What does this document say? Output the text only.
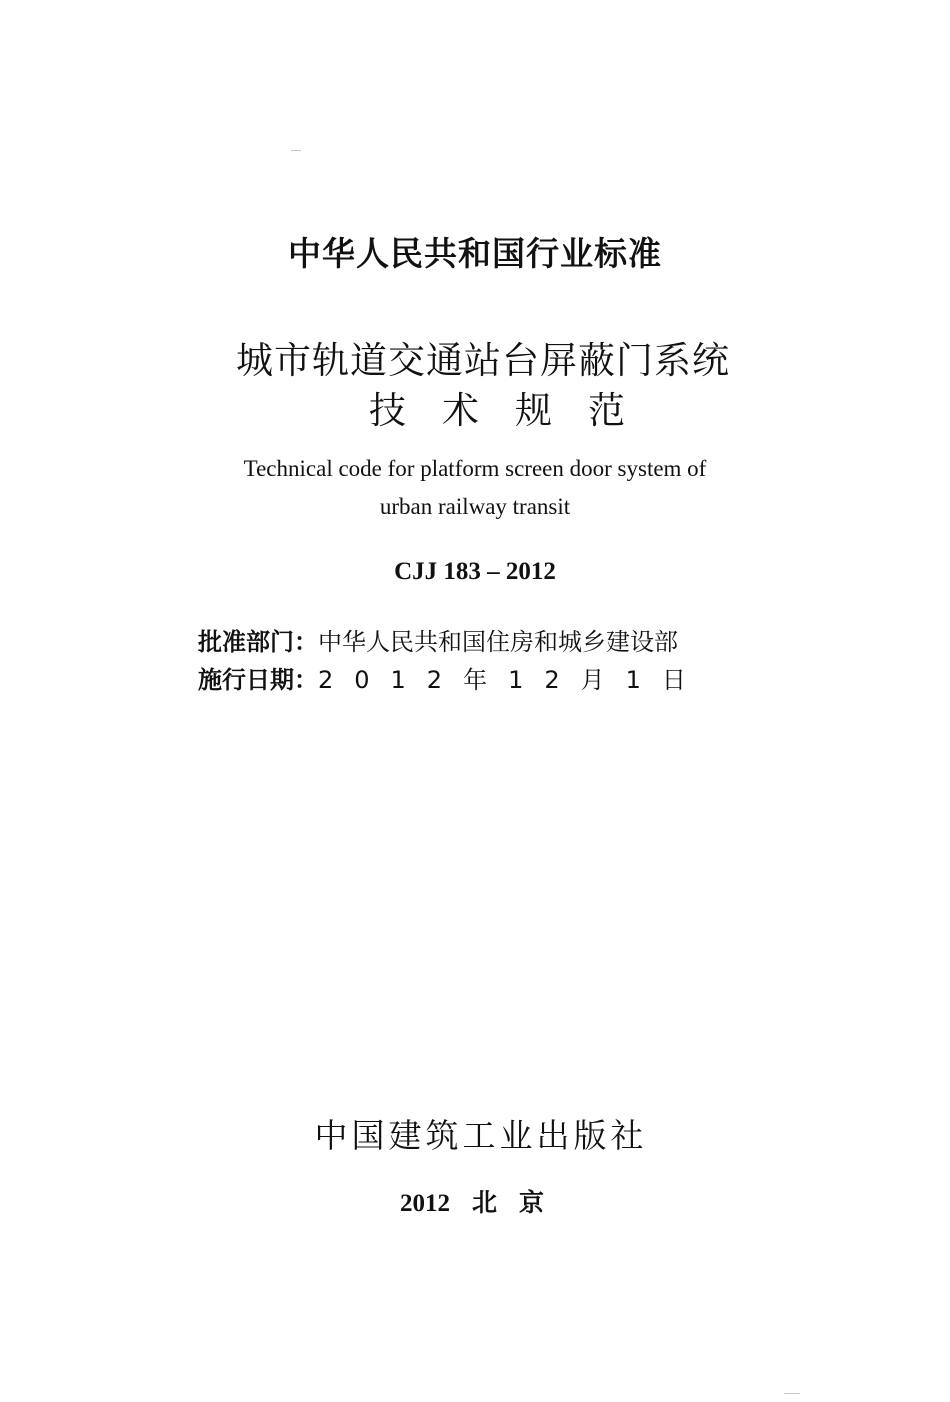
中华人民共和国行业标准
城市轨道交通站台屏蔽门系统
技术规范
Technical code for platform screen door system of
urban railway transit
CJJ 183 – 2012
批准部门：中华人民共和国住房和城乡建设部
施行日期：2012年12月1日
中国建筑工业出版社
2012 北京
